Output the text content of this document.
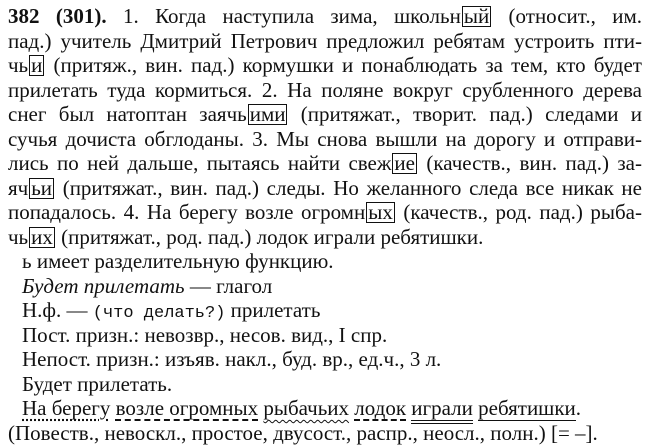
382 (301). 1. Когда наступила зима, школьн ый (относит., им.
пад.) учитель Дмитрий Петрович предложил ребятам устроить пти-
чь и (притяж., вин. пад.) кормушки и понаблюдать за тем, кто будет
прилетать туда кормиться. 2. На поляне вокруг срубленного дерева
снег был натоптан заячь ими (притяжат., творит. пад.) следами и
сучья дочиста обглоданы. 3. Мы снова вышли на дорогу и отправи-
лись по ней дальше, пытаясь найти свеж ие (качеств., вин. пад.) за-
яч ьи (притяжат., вин. пад.) следы. Но желанного следа все никак не
попадалось. 4. На берегу возле огромн ых (качеств., род. пад.) рыба-
чь их (притяжат., род. пад.) лодок играли ребятишки.
ь имеет разделительную функцию.
Будет прилетать — глагол
Н.ф. — (что делать?) прилетать
Пост. призн.: невозвр., несов. вид., I спр.
Непост. призн.: изъяв. накл., буд. вр., ед.ч., 3 л.
Будет прилетать.
На берегу возле огромных рыбачьих лодок играли ребятишки.
(Повеств., невоскл., простое, двусост., распр., неосл., полн.) [= –].
